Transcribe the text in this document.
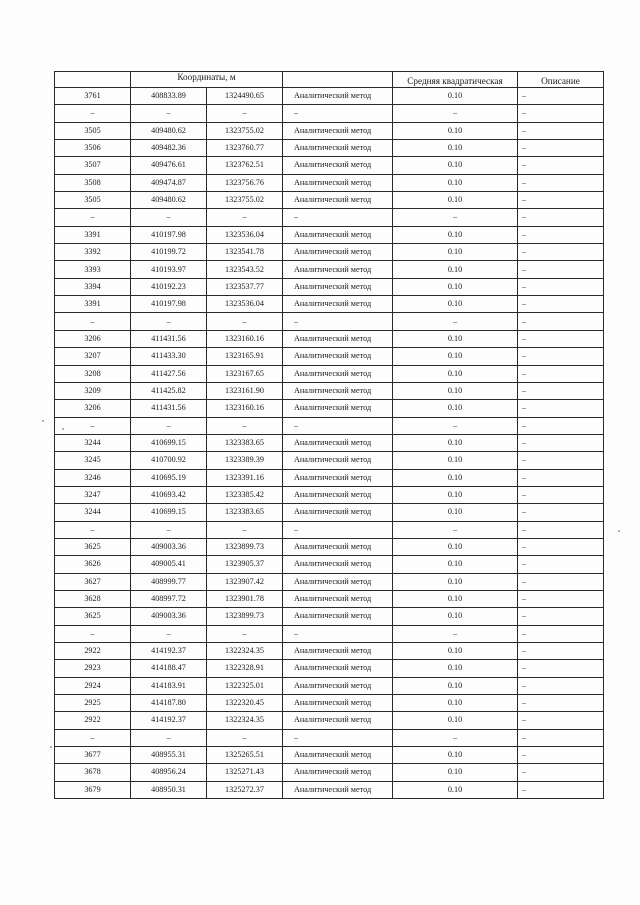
	Координаты, м			Средняя квадратическая	Описание
3761	408833.89	1324490.65	Аналитический метод	0.10	–
–	–	–	–	–	–
3505	409480.62	1323755.02	Аналитический метод	0.10	–
3506	409482.36	1323760.77	Аналитический метод	0.10	–
3507	409476.61	1323762.51	Аналитический метод	0.10	–
3508	409474.87	1323756.76	Аналитический метод	0.10	–
3505	409480.62	1323755.02	Аналитический метод	0.10	–
–	–	–	–	–	–
3391	410197.98	1323536.04	Аналитический метод	0.10	–
3392	410199.72	1323541.78	Аналитический метод	0.10	–
3393	410193.97	1323543.52	Аналитический метод	0.10	–
3394	410192.23	1323537.77	Аналитический метод	0.10	–
3391	410197.98	1323536.04	Аналитический метод	0.10	–
–	–	–	–	–	–
3206	411431.56	1323160.16	Аналитический метод	0.10	–
3207	411433.30	1323165.91	Аналитический метод	0.10	–
3208	411427.56	1323167.65	Аналитический метод	0.10	–
3209	411425.82	1323161.90	Аналитический метод	0.10	–
3206	411431.56	1323160.16	Аналитический метод	0.10	–
–	–	–	–	–	–
3244	410699.15	1323383.65	Аналитический метод	0.10	–
3245	410700.92	1323389.39	Аналитический метод	0.10	–
3246	410695.19	1323391.16	Аналитический метод	0.10	–
3247	410693.42	1323385.42	Аналитический метод	0.10	–
3244	410699.15	1323383.65	Аналитический метод	0.10	–
–	–	–	–	–	–
3625	409003.36	1323899.73	Аналитический метод	0.10	–
3626	409005.41	1323905.37	Аналитический метод	0.10	–
3627	408999.77	1323907.42	Аналитический метод	0.10	–
3628	408997.72	1323901.78	Аналитический метод	0.10	–
3625	409003.36	1323899.73	Аналитический метод	0.10	–
–	–	–	–	–	–
2922	414192.37	1322324.35	Аналитический метод	0.10	–
2923	414188.47	1322328.91	Аналитический метод	0.10	–
2924	414183.91	1322325.01	Аналитический метод	0.10	–
2925	414187.80	1322320.45	Аналитический метод	0.10	–
2922	414192.37	1322324.35	Аналитический метод	0.10	–
–	–	–	–	–	–
3677	408955.31	1325265.51	Аналитический метод	0.10	–
3678	408956.24	1325271.43	Аналитический метод	0.10	–
3679	408950.31	1325272.37	Аналитический метод	0.10	–
